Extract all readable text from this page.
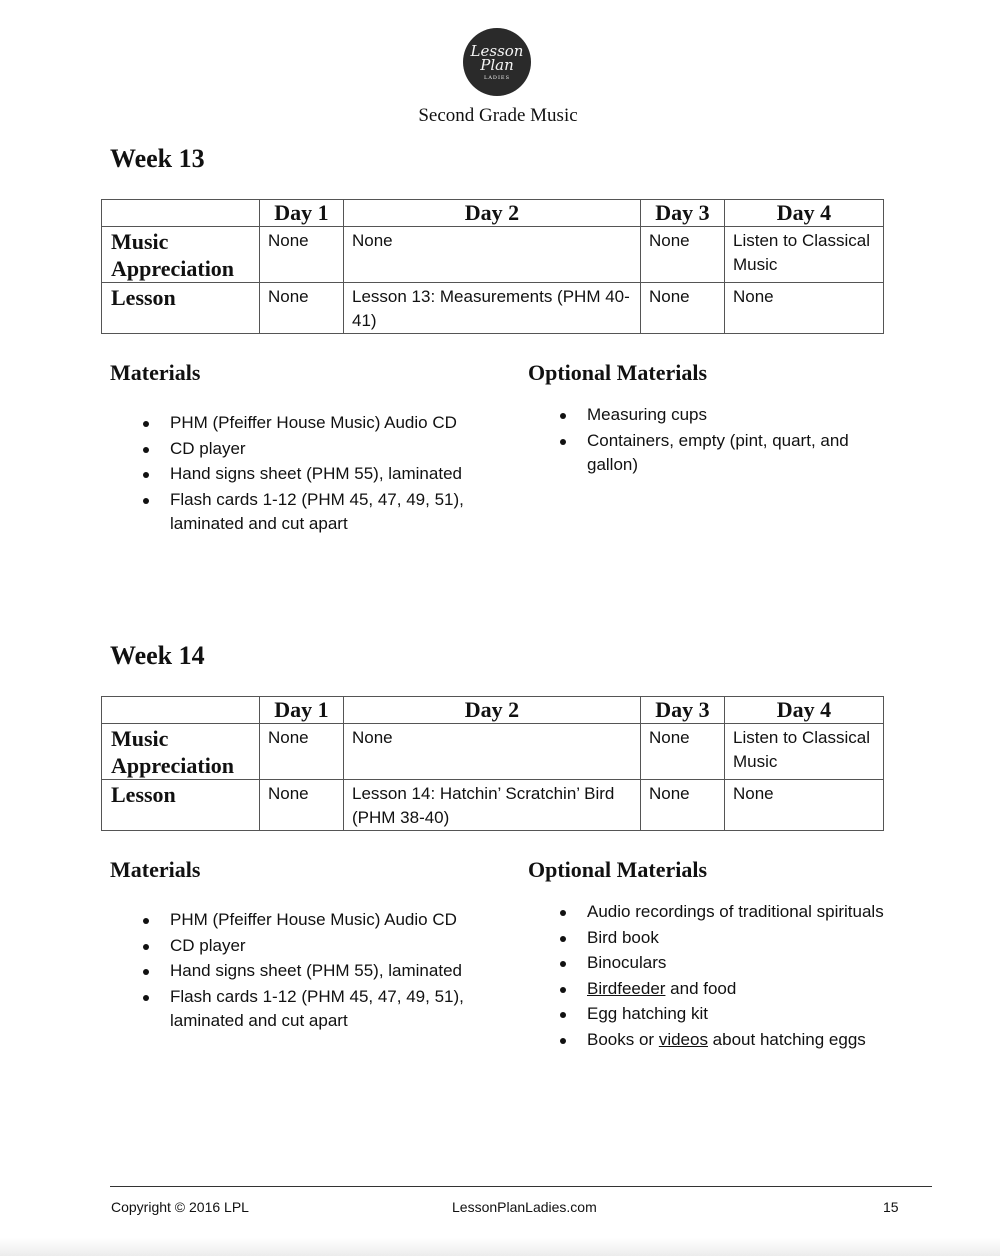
Lesson
Plan
LADIES
Second Grade Music
Week 13
	Day 1	Day 2	Day 3	Day 4
Music Appreciation	None	None	None	Listen to Classical Music
Lesson	None	Lesson 13: Measurements (PHM 40-41)	None	None
Materials
PHM (Pfeiffer House Music) Audio CD
CD player
Hand signs sheet (PHM 55), laminated
Flash cards 1-12 (PHM 45, 47, 49, 51), laminated and cut apart
Optional Materials
Measuring cups
Containers, empty (pint, quart, and gallon)
Week 14
	Day 1	Day 2	Day 3	Day 4
Music Appreciation	None	None	None	Listen to Classical Music
Lesson	None	Lesson 14: Hatchin’ Scratchin’ Bird (PHM 38-40)	None	None
Materials
PHM (Pfeiffer House Music) Audio CD
CD player
Hand signs sheet (PHM 55), laminated
Flash cards 1-12 (PHM 45, 47, 49, 51), laminated and cut apart
Optional Materials
Audio recordings of traditional spirituals
Bird book
Binoculars
Birdfeeder and food
Egg hatching kit
Books or videos about hatching eggs
Copyright © 2016 LPL	LessonPlanLadies.com	15
